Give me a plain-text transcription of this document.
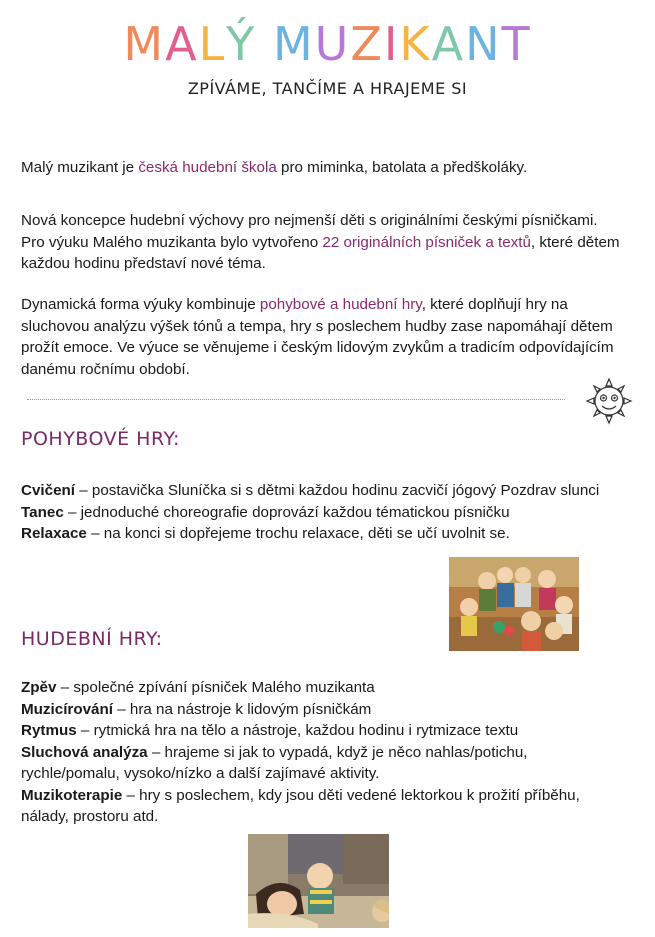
MALÝ MUZIKANT
ZPÍVÁME, TANČÍME A HRAJEME SI

Malý muzikant je česká hudební škola pro miminka, batolata a předškoláky.

Nová koncepce hudební výchovy pro nejmenší děti s originálními českými písničkami. Pro výuku Malého muzikanta bylo vytvořeno 22 originálních písniček a textů, které dětem každou hodinu představí nové téma.

Dynamická forma výuky kombinuje pohybové a hudební hry, které doplňují hry na sluchovou analýzu výšek tónů a tempa, hry s poslechem hudby zase napomáhají dětem prožít emoce. Ve výuce se věnujeme i českým lidovým zvykům a tradicím odpovídajícím danému ročnímu období.

POHYBOVÉ HRY:
Cvičení – postavička Sluníčka si s dětmi každou hodinu zacvičí jógový Pozdrav slunci
Tanec – jednoduché choreografie doprovází každou tématickou písničku
Relaxace – na konci si dopřejeme trochu relaxace, děti se učí uvolnit se.
HUDEBNÍ HRY:
Zpěv – společné zpívání písniček Malého muzikanta
Muzicírování – hra na nástroje k lidovým písničkám
Rytmus – rytmická hra na tělo a nástroje, každou hodinu i rytmizace textu
Sluchová analýza – hrajeme si jak to vypadá, když je něco nahlas/potichu, rychle/pomalu, vysoko/nízko a další zajímavé aktivity.
Muzikoterapie – hry s poslechem, kdy jsou děti vedené lektorkou k prožití příběhu, nálady, prostoru atd.
